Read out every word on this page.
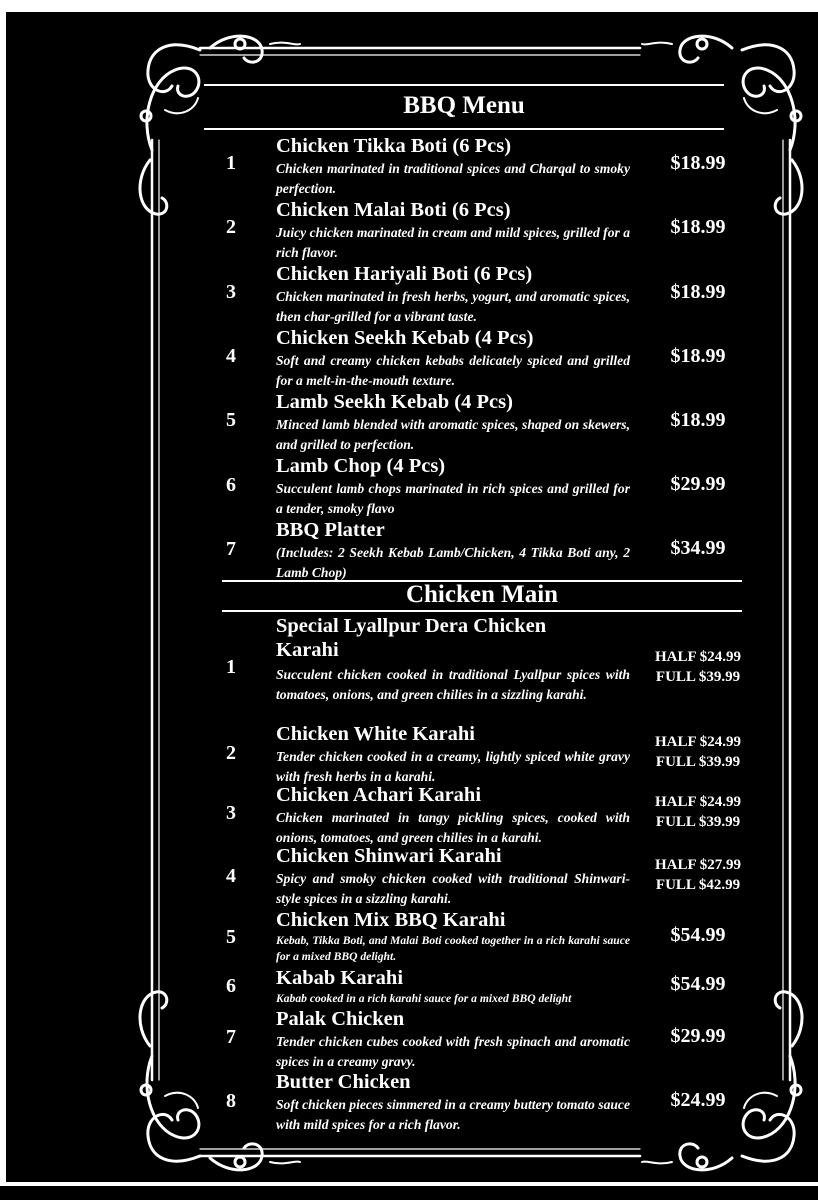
BBQ Menu
1
Chicken Tikka Boti (6 Pcs)
Chicken marinated in traditional spices and Charqal to smoky perfection.
$18.99
2
Chicken Malai Boti (6 Pcs)
Juicy chicken marinated in cream and mild spices, grilled for a rich flavor.
$18.99
3
Chicken Hariyali Boti (6 Pcs)
Chicken marinated in fresh herbs, yogurt, and aromatic spices, then char-grilled for a vibrant taste.
$18.99
4
Chicken Seekh Kebab (4 Pcs)
Soft and creamy chicken kebabs delicately spiced and grilled for a melt-in-the-mouth texture.
$18.99
5
Lamb Seekh Kebab (4 Pcs)
Minced lamb blended with aromatic spices, shaped on skewers, and grilled to perfection.
$18.99
6
Lamb Chop (4 Pcs)
Succulent lamb chops marinated in rich spices and grilled for a tender, smoky flavo
$29.99
7
BBQ Platter
(Includes: 2 Seekh Kebab Lamb/Chicken, 4 Tikka Boti any, 2 Lamb Chop)
$34.99
Chicken Main
1
Special Lyallpur Dera Chicken Karahi
Succulent chicken cooked in traditional Lyallpur spices with tomatoes, onions, and green chilies in a sizzling karahi.
HALF $24.99
FULL $39.99
2
Chicken White Karahi
Tender chicken cooked in a creamy, lightly spiced white gravy with fresh herbs in a karahi.
HALF $24.99
FULL $39.99
3
Chicken Achari Karahi
Chicken marinated in tangy pickling spices, cooked with onions, tomatoes, and green chilies in a karahi.
HALF $24.99
FULL $39.99
4
Chicken Shinwari Karahi
Spicy and smoky chicken cooked with traditional Shinwari-style spices in a sizzling karahi.
HALF $27.99
FULL $42.99
5
Chicken Mix BBQ Karahi
Kebab, Tikka Boti, and Malai Boti cooked together in a rich karahi sauce for a mixed BBQ delight.
$54.99
6 Kabab Karahi
Kabab cooked in a rich karahi sauce for a mixed BBQ delight
$54.99
7
Palak Chicken
Tender chicken cubes cooked with fresh spinach and aromatic spices in a creamy gravy.
$29.99
8
Butter Chicken
Soft chicken pieces simmered in a creamy buttery tomato sauce with mild spices for a rich flavor.
$24.99
